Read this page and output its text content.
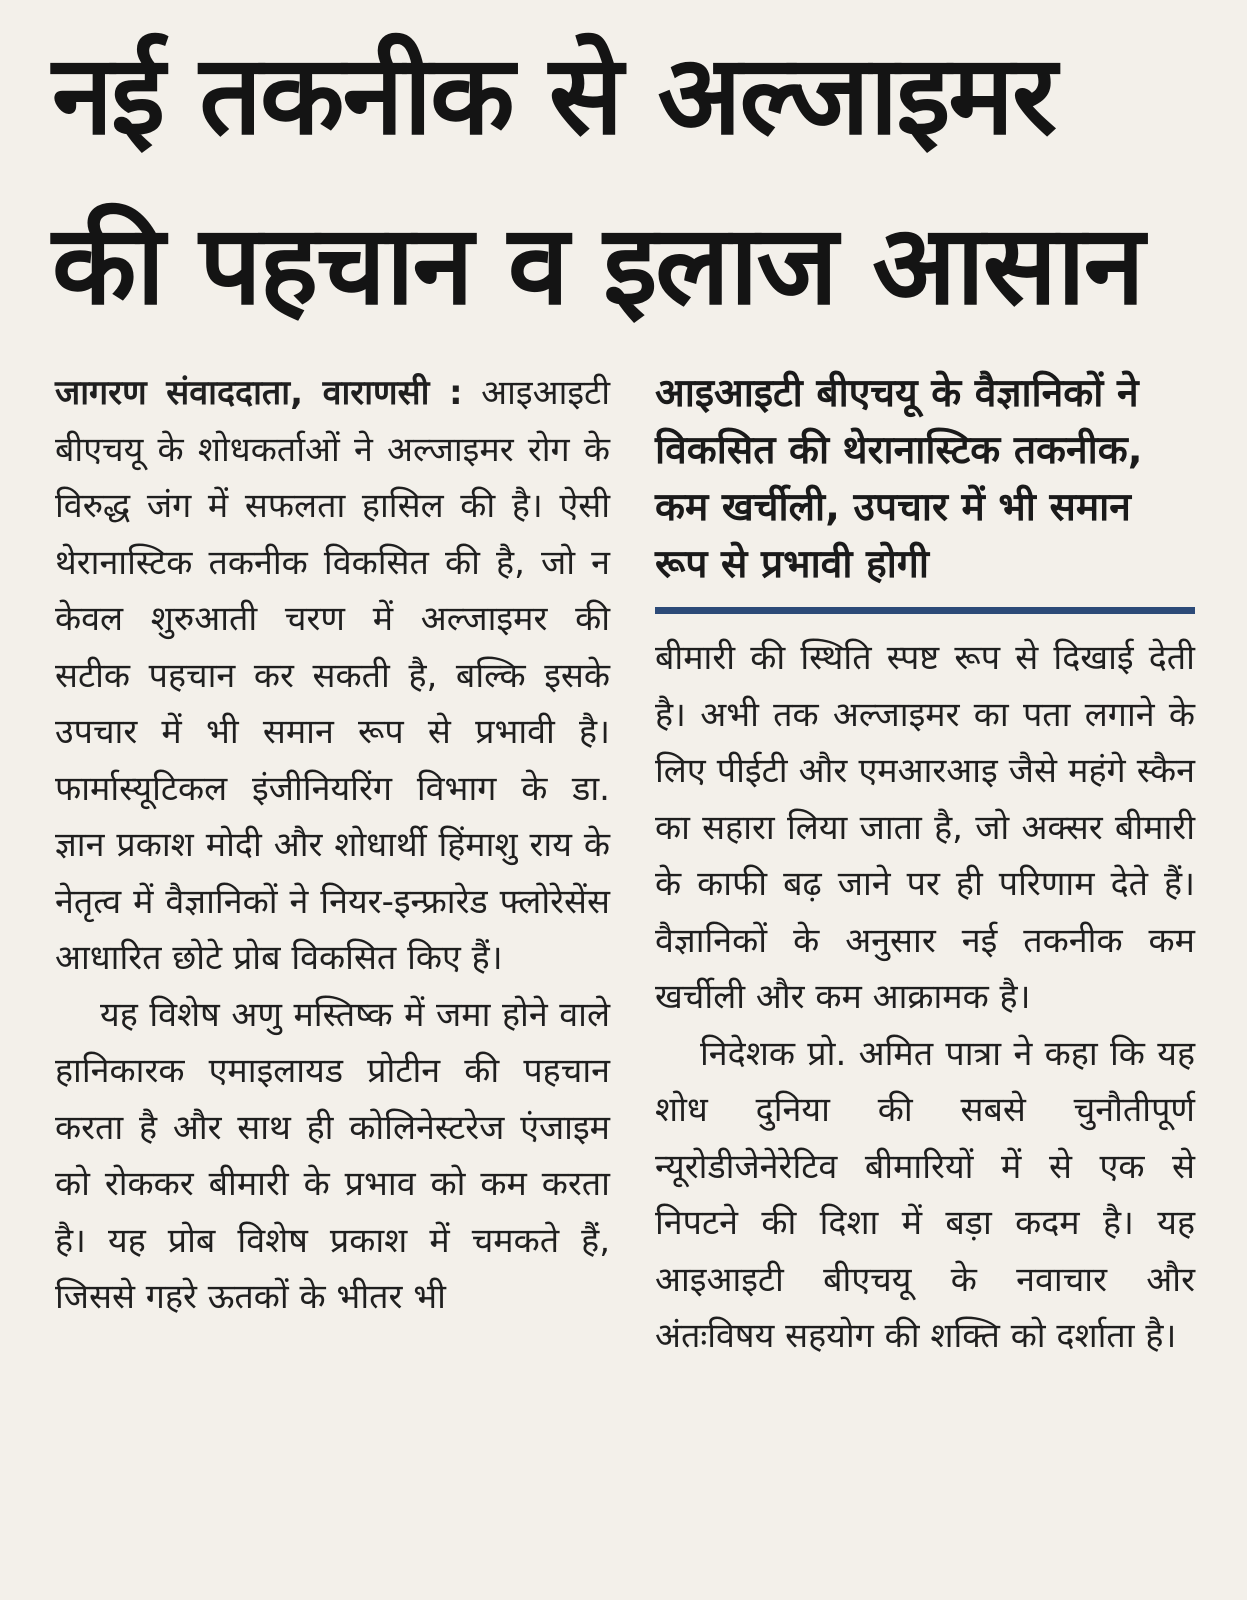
नई तकनीक से अल्जाइमर
की पहचान व इलाज आसान

जागरण संवाददाता, वाराणसी : आइआइटी बीएचयू के शोधकर्ताओं ने अल्जाइमर रोग के विरुद्ध जंग में सफलता हासिल की है। ऐसी थेरानास्टिक तकनीक विकसित की है, जो न केवल शुरुआती चरण में अल्जाइमर की सटीक पहचान कर सकती है, बल्कि इसके उपचार में भी समान रूप से प्रभावी है। फार्मास्यूटिकल इंजीनियरिंग विभाग के डा. ज्ञान प्रकाश मोदी और शोधार्थी हिंमाशु राय के नेतृत्व में वैज्ञानिकों ने नियर-इन्फ्रारेड फ्लोरेसेंस आधारित छोटे प्रोब विकसित किए हैं।

यह विशेष अणु मस्तिष्क में जमा होने वाले हानिकारक एमाइलायड प्रोटीन की पहचान करता है और साथ ही कोलिनेस्टरेज एंजाइम को रोककर बीमारी के प्रभाव को कम करता है। यह प्रोब विशेष प्रकाश में चमकते हैं, जिससे गहरे ऊतकों के भीतर भी

आइआइटी बीएचयू के वैज्ञानिकों ने विकसित की थेरानास्टिक तकनीक, कम खर्चीली, उपचार में भी समान रूप से प्रभावी होगी

बीमारी की स्थिति स्पष्ट रूप से दिखाई देती है। अभी तक अल्जाइमर का पता लगाने के लिए पीईटी और एमआरआइ जैसे महंगे स्कैन का सहारा लिया जाता है, जो अक्सर बीमारी के काफी बढ़ जाने पर ही परिणाम देते हैं। वैज्ञानिकों के अनुसार नई तकनीक कम खर्चीली और कम आक्रामक है।

निदेशक प्रो. अमित पात्रा ने कहा कि यह शोध दुनिया की सबसे चुनौतीपूर्ण न्यूरोडीजेनेरेटिव बीमारियों में से एक से निपटने की दिशा में बड़ा कदम है। यह आइआइटी बीएचयू के नवाचार और अंतःविषय सहयोग की शक्ति को दर्शाता है।
